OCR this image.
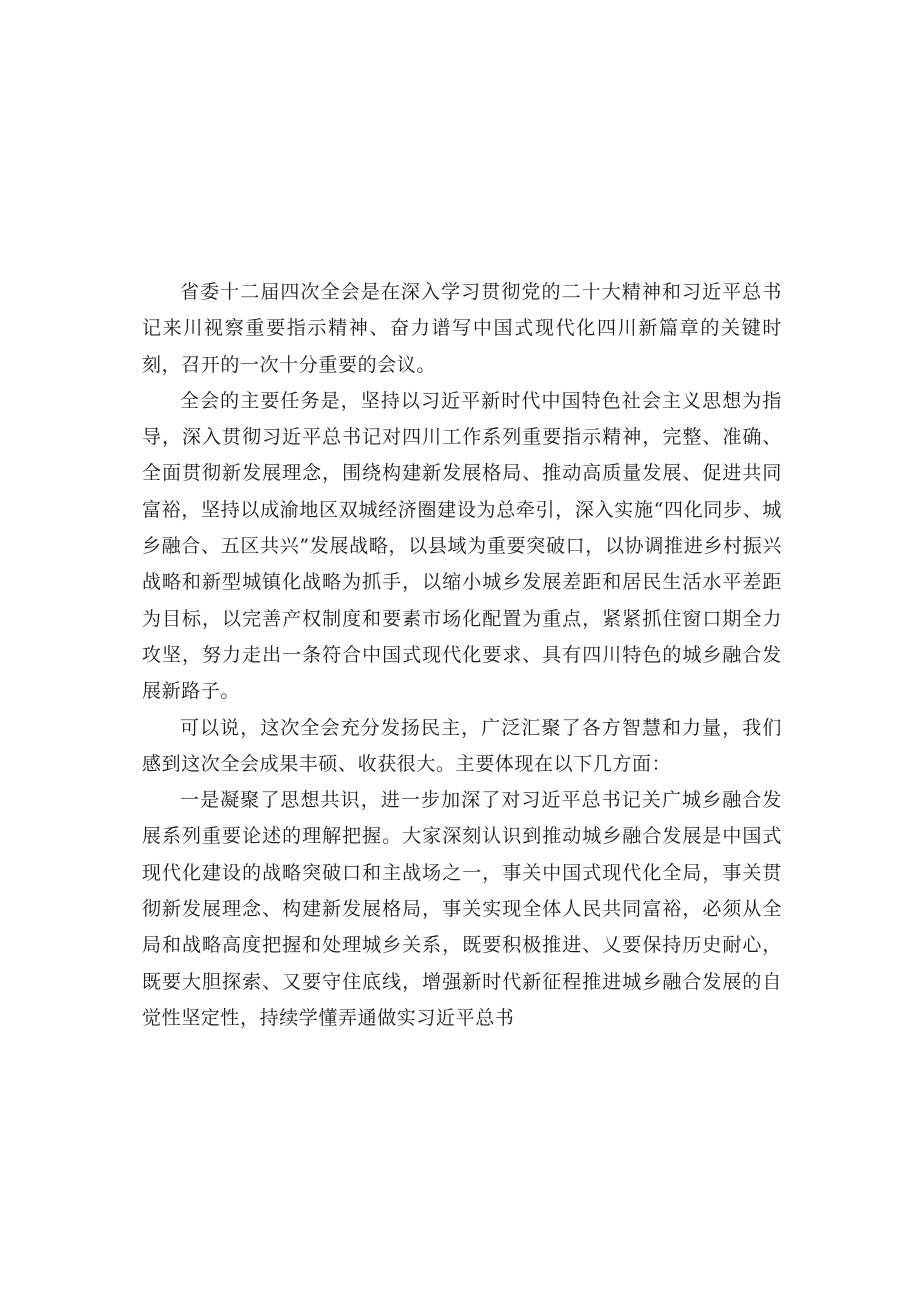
省委十二届四次全会是在深入学习贯彻党的二十大精神和习近平总书记来川视察重要指示精神、奋力谱写中国式现代化四川新篇章的关键时刻，召开的一次十分重要的会议。

全会的主要任务是，坚持以习近平新时代中国特色社会主义思想为指导，深入贯彻习近平总书记对四川工作系列重要指示精神，完整、准确、全面贯彻新发展理念，围绕构建新发展格局、推动高质量发展、促进共同富裕，坚持以成渝地区双城经济圈建设为总牵引，深入实施“四化同步、城乡融合、五区共兴”发展战略，以县域为重要突破口，以协调推进乡村振兴战略和新型城镇化战略为抓手，以缩小城乡发展差距和居民生活水平差距为目标，以完善产权制度和要素市场化配置为重点，紧紧抓住窗口期全力攻坚，努力走出一条符合中国式现代化要求、具有四川特色的城乡融合发展新路子。

可以说，这次全会充分发扬民主，广泛汇聚了各方智慧和力量，我们感到这次全会成果丰硕、收获很大。主要体现在以下几方面：

一是凝聚了思想共识，进一步加深了对习近平总书记关广城乡融合发展系列重要论述的理解把握。大家深刻认识到推动城乡融合发展是中国式现代化建设的战略突破口和主战场之一，事关中国式现代化全局，事关贯彻新发展理念、构建新发展格局，事关实现全体人民共同富裕，必须从全局和战略高度把握和处理城乡关系，既要积极推进、乂要保持历史耐心，既要大胆探索、又要守住底线，增强新时代新征程推进城乡融合发展的自觉性坚定性，持续学懂弄通做实习近平总书
